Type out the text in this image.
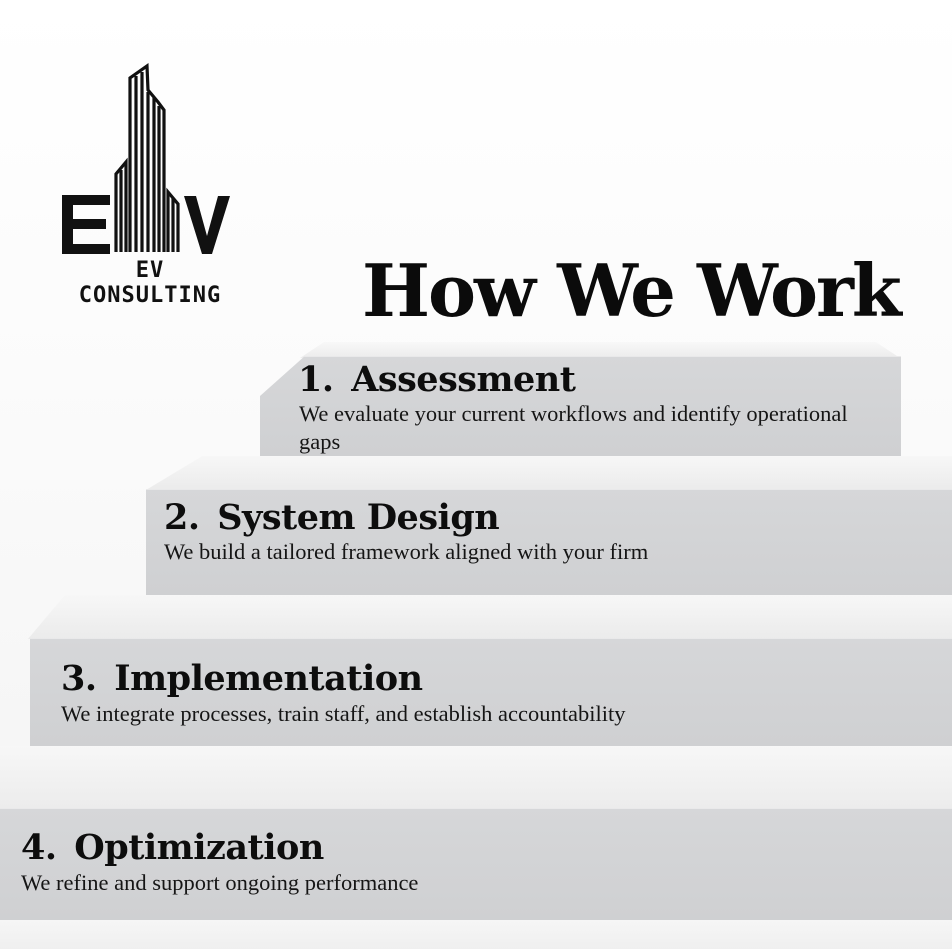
EV CONSULTING How We Work
1. Assessment

We evaluate your current workflows and identify operational gaps

2. System Design

We build a tailored framework aligned with your firm

3. Implementation

We integrate processes, train staff, and establish accountability

4. Optimization

We refine and support ongoing performance
